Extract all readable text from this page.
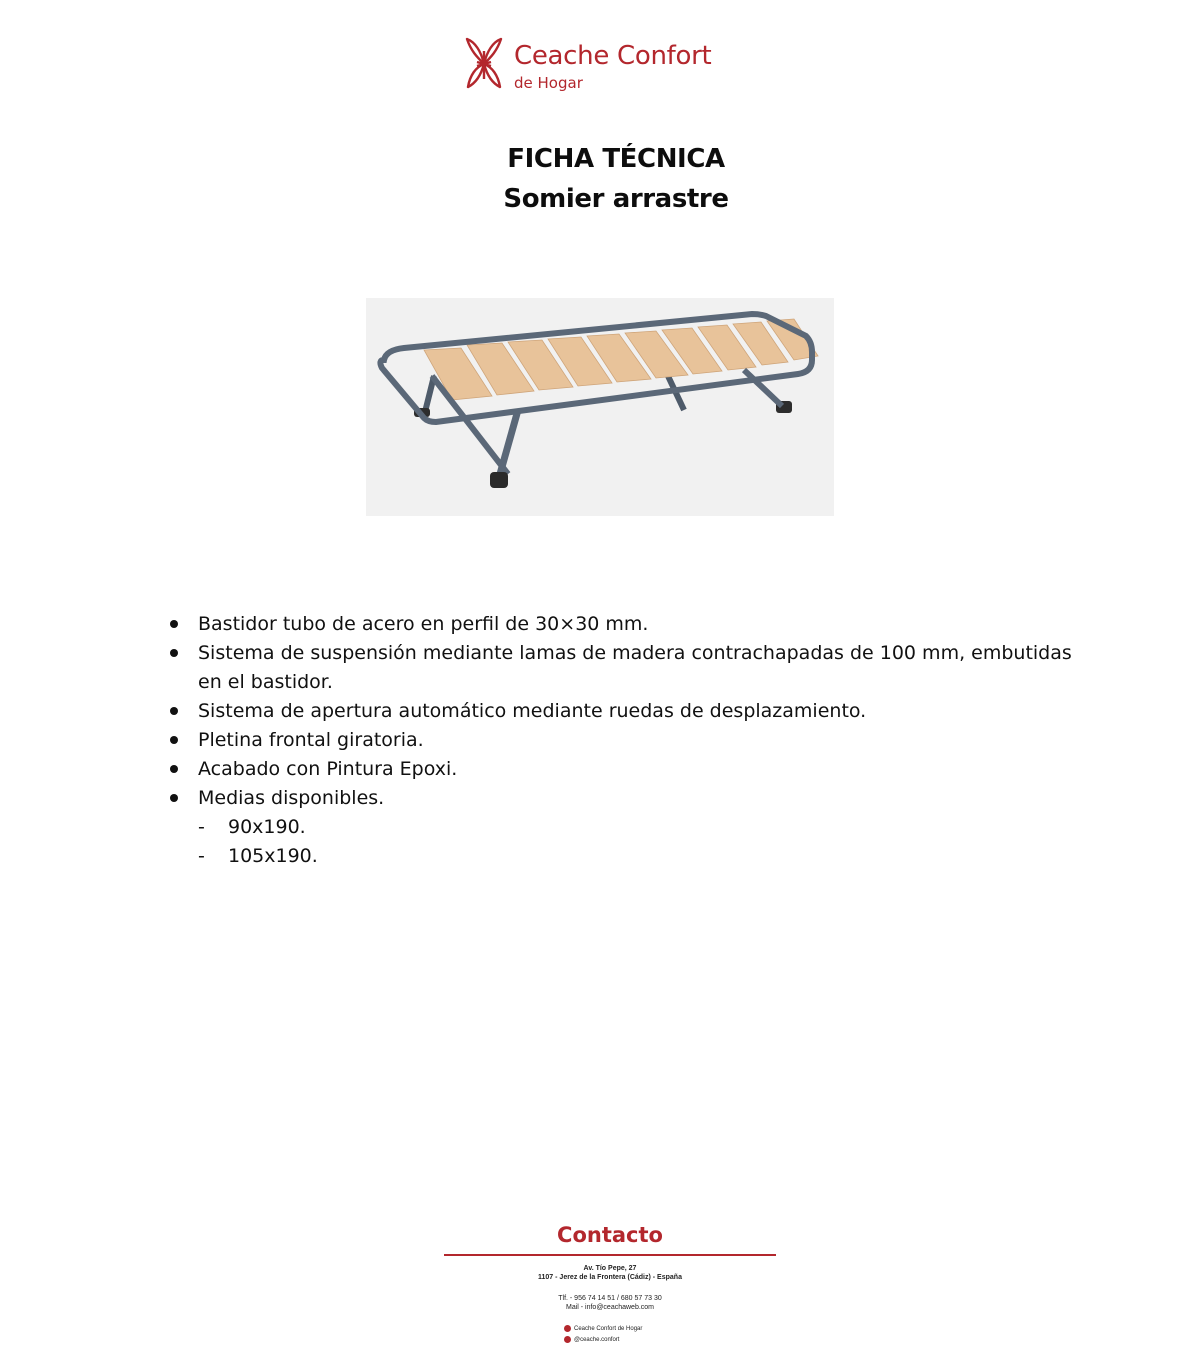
Ceache Confort
de Hogar
FICHA TÉCNICA
Somier arrastre
Bastidor tubo de acero en perfil de 30×30 mm.
Sistema de suspensión mediante lamas de madera contrachapadas de 100 mm, embutidas en el bastidor.
Sistema de apertura automático mediante ruedas de desplazamiento.
Pletina frontal giratoria.
Acabado con Pintura Epoxi.
Medias disponibles.
- 90x190.
- 105x190.

Contacto

Av. Tío Pepe, 27

1107 - Jerez de la Frontera (Cádiz) - España

Tlf. - 956 74 14 51 / 680 57 73 30

Mail - info@ceachaweb.com

Ceache Confort de Hogar
@ceache.confort
